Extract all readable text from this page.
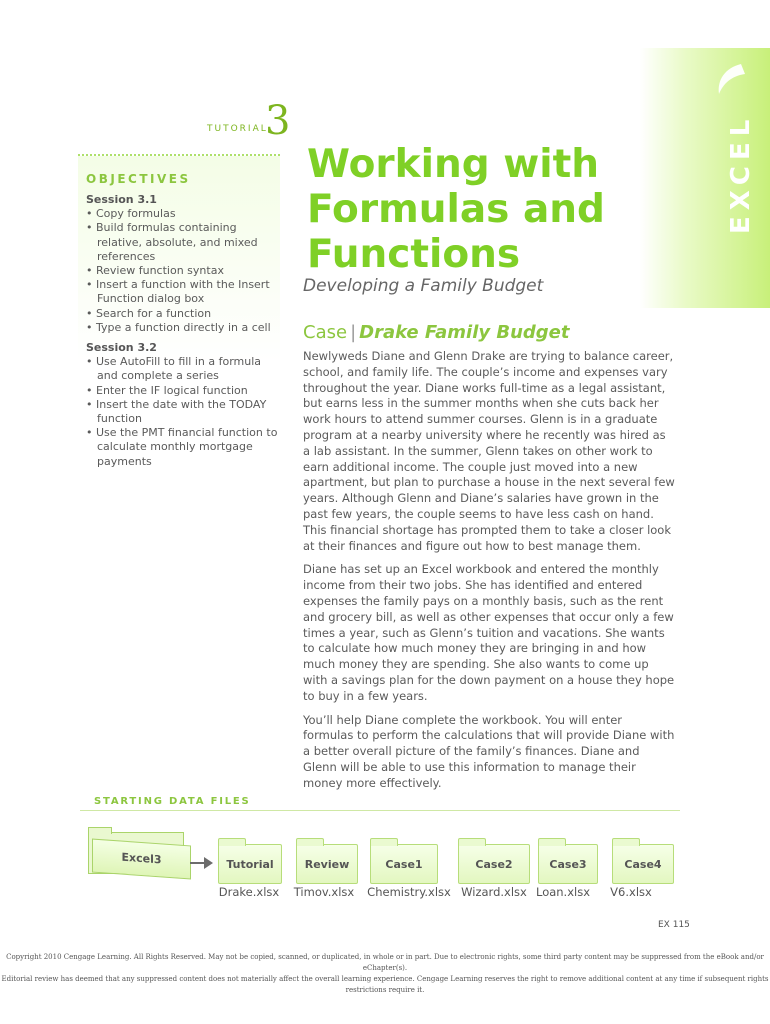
EXCEL
TUTORIAL
3
OBJECTIVES
Session 3.1
• Copy formulas
• Build formulas containing relative, absolute, and mixed references
• Review function syntax
• Insert a function with the Insert Function dialog box
• Search for a function
• Type a function directly in a cell
Session 3.2
• Use AutoFill to fill in a formula and complete a series
• Enter the IF logical function
• Insert the date with the TODAY function
• Use the PMT financial function to calculate monthly mortgage payments
Working with
Formulas and
Functions
Developing a Family Budget
Case | Drake Family Budget

Newlyweds Diane and Glenn Drake are trying to balance career, school, and family life. The couple’s income and expenses vary throughout the year. Diane works full-time as a legal assistant, but earns less in the summer months when she cuts back her work hours to attend summer courses. Glenn is in a graduate program at a nearby university where he recently was hired as a lab assistant. In the summer, Glenn takes on other work to earn additional income. The couple just moved into a new apartment, but plan to purchase a house in the next several few years. Although Glenn and Diane’s salaries have grown in the past few years, the couple seems to have less cash on hand. This financial shortage has prompted them to take a closer look at their finances and figure out how to best manage them.

Diane has set up an Excel workbook and entered the monthly income from their two jobs. She has identified and entered expenses the family pays on a monthly basis, such as the rent and grocery bill, as well as other expenses that occur only a few times a year, such as Glenn’s tuition and vacations. She wants to calculate how much money they are bringing in and how much money they are spending. She also wants to come up with a savings plan for the down payment on a house they hope to buy in a few years.

You’ll help Diane complete the workbook. You will enter formulas to perform the calculations that will provide Diane with a better overall picture of the family’s finances. Diane and Glenn will be able to use this information to manage their money more effectively.

STARTING DATA FILES
Excel3	Tutorial
Drake.xlsx
Review
Timov.xlsx
Case1
Chemistry.xlsx
Case2
Wizard.xlsx
Case3
Loan.xlsx
Case4
V6.xlsx
EX 115
Copyright 2010 Cengage Learning. All Rights Reserved. May not be copied, scanned, or duplicated, in whole or in part. Due to electronic rights, some third party content may be suppressed from the eBook and/or eChapter(s).
Editorial review has deemed that any suppressed content does not materially affect the overall learning experience. Cengage Learning reserves the right to remove additional content at any time if subsequent rights restrictions require it.
